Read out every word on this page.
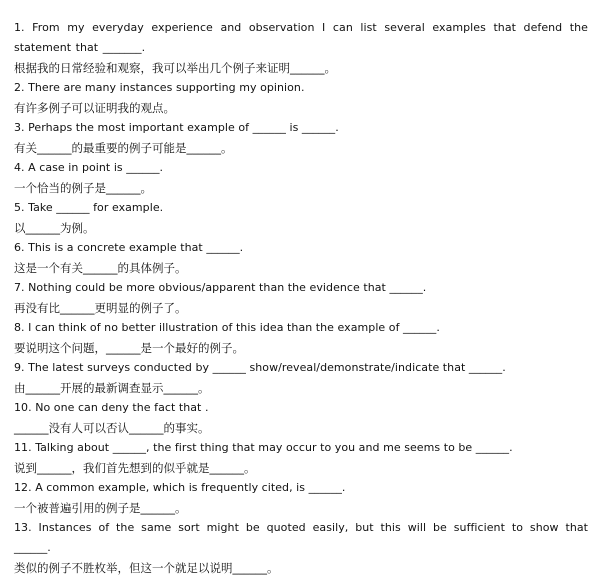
1. From my everyday experience and observation I can list several examples that defend the statement that _______.
根据我的日常经验和观察，我可以举出几个例子来证明______。
2. There are many instances supporting my opinion.
有许多例子可以证明我的观点。
3. Perhaps the most important example of ______ is ______.
有关______的最重要的例子可能是______。
4. A case in point is ______.
一个恰当的例子是______。
5. Take ______ for example.
以______为例。
6. This is a concrete example that ______.
这是一个有关______的具体例子。
7. Nothing could be more obvious/apparent than the evidence that ______.
再没有比______更明显的例子了。
8. I can think of no better illustration of this idea than the example of ______.
要说明这个问题，______是一个最好的例子。
9. The latest surveys conducted by ______ show/reveal/demonstrate/indicate that ______.
由______开展的最新调查显示______。
10. No one can deny the fact that .
______没有人可以否认______的事实。
11. Talking about ______, the first thing that may occur to you and me seems to be ______.
说到______，我们首先想到的似乎就是______。
12. A common example, which is frequently cited, is ______.
一个被普遍引用的例子是______。
13. Instances of the same sort might be quoted easily, but this will be sufficient to show that ______.
类似的例子不胜枚举，但这一个就足以说明______。
